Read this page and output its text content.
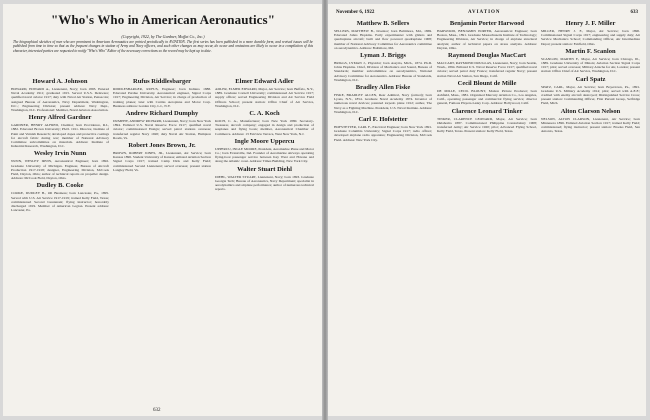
"Who's Who in American Aeronautics"
(Copyright, 1922, by The Gardner, Moffat Co., Inc.)
The biographical sketches of men who are prominent in American Aeronautics are printed periodically in AVIATION. The first series has been published in a more durable form, and revised issues will be published from time to time so that as the frequent changes in station of Army and Navy officers, and such other changes as may occur, do occur and omissions are likely to occur in a compilation of this character, interested parties are requested to notify "Who's Who" Editor of the necessary corrections so the record may be kept up to date.
Howard A. Johnson
HOWARD, EDWARD A., Lieutenant, Navy; born 1893. Entered Naval Academy 1911; graduated 1915. Served U.S.S. Delaware; qualified naval aviator 1917; duty with Naval Air Station, Pensacola; assigned Bureau of Aeronautics, Navy Department, Washington, D.C.; Engineering Division; present address: Navy Dept., Washington, D.C. Professional: Member, Naval Aviators Association.
Henry Alfred Gardner
GARDNER, HENRY ALFRED, Chemist; born Providence, R.I., 1882. Educated Brown University; Ph.D. 1911. Director, Institute of Paint and Varnish Research; developed dopes and protective coatings for aircraft fabric during war; member of National Advisory Committee subcommittee on materials. Address: Institute of Industrial Research, Washington, D.C.
Wesley Irvin Nunn
NUNN, WESLEY IRVIN, Aeronautical Engineer; born 1892. Graduate University of Michigan. Engineer, Bureau of Aircraft Production 1917-1918; designer, Engineering Division, McCook Field, Dayton, Ohio; author of technical reports on propeller design. Address: McCook Field, Dayton, Ohio.
Dudley B. Cooke
COOKE, DUDLEY B., Oil Business; born Lancaster, Pa., 1895. Served with U.S. Air Service 1917-1919; trained Kelly Field, Texas; commissioned Second Lieutenant; flying instructor; honorably discharged 1919. Member of American Legion. Present address: Lancaster, Pa.
Rufus Riddlesbarger
RIDDLESBARGER, RUFUS, Engineer; born Indiana 1888. Educated Purdue University. Aeronautical engineer, Signal Corps 1917; Engineering Division, Air Service; in charge of production of training planes; later with Curtiss Aeroplane and Motor Corp. Business address: Garden City, L.I., N.Y.
Andrew Richard Dumphy
DUMPHY, ANDREW RICHARD, Lieutenant, Navy; born New York 1894. Enlisted U.S. Naval Reserve Force 1917; qualified naval aviator; commissioned Ensign; served patrol stations overseas; transferred regular Navy 1920; duty Naval Air Station, Hampton Roads, Va.
Robert Jones Brown, Jr.
BROWN, ROBERT JONES, JR., Lieutenant, Air Service; born Kansas 1896. Student University of Kansas; enlisted Aviation Section Signal Corps 1917; trained Camp Dick and Kelly Field; commissioned Second Lieutenant; served overseas; present station Langley Field, Va.
Elmer Edward Adler
ADLER, ELMER EDWARD, Major, Air Service; born Buffalo, N.Y., 1889. Graduate Cornell University; commissioned Air Service 1917; supply officer; served Engineering Division and Air Service Field Officers School; present station: Office Chief of Air Service, Washington, D.C.
C. A. Koch
KOCH, C. A., Manufacturer; born New York 1880. Secretary-Treasurer, aircraft company; engaged in design and production of seaplanes and flying boats; member, Aeronautical Chamber of Commerce. Address: 13 Fairview Terrace, West New York, N.J.
Ingle Moore Uppercu
UPPERCU, INGLE MOORE, President, Aeromarine Plane and Motor Co.; born Evansville, Ind. Founder of Aeromarine Airways operating flying-boat passenger service between Key West and Havana and along the Atlantic coast. Address: Times Building, New York City.
Walter Stuart Diehl
DIEHL, WALTER STUART, Lieutenant, Navy; born 1893. Graduate Georgia Tech; Bureau of Aeronautics, Navy Department; specialist in aerodynamics and airplane performance; author of numerous technical reports.
632
November 6, 1922	AVIATION	633
Matthew B. Sellers
SELLERS, MATTHEW B., Inventor; born Baltimore, Md., 1869. Educated Johns Hopkins. Early experimenter with gliders and quadruplane aircraft; built and flew powered quadruplane 1908; member of National Advisory Committee for Aeronautics committee on aerodynamics. Address: Baltimore, Md.
Lyman J. Briggs
BRIGGS, LYMAN J., Physicist; born Assyria, Mich., 1874. Ph.D. Johns Hopkins. Chief, Division of Mechanics and Sound, Bureau of Standards; member subcommittee on aerodynamics, National Advisory Committee for Aeronautics. Address: Bureau of Standards, Washington, D.C.
Bradley Allen Fiske
FISKE, BRADLEY ALLEN, Rear Admiral, Navy (retired); born Lyons, N.Y., 1854. Graduate Naval Academy 1874. Inventor of numerous naval devices; patented torpedo plane 1912; author, The Navy as a Fighting Machine. President, U.S. Naval Institute. Address: Washington, D.C.
Carl F. Hofstetter
HOFSTETTER, CARL F., Electrical Engineer; born New York 1891. Graduate Columbia University; Signal Corps 1917; radio officer; developed airplane radio apparatus; Engineering Division, McCook Field. Address: New York City.
Benjamin Porter Harwood
HARWOOD, BENJAMIN PORTER, Aeronautical Engineer; born Boston, Mass., 1891. Graduate Massachusetts Institute of Technology; Engineering Division, Air Service; in charge of airplane structural analysis; author of technical papers on stress analysis. Address: Dayton, Ohio.
Raymond Douglas MacCart
MACCART, RAYMOND DOUGLAS, Lieutenant, Navy; born Seattle, Wash., 1894. Enlisted U.S. Naval Reserve Force 1917; qualified naval aviator; served patrol duty France; transferred regular Navy; present station Naval Air Station, San Diego, Calif.
Cecil Blount de Mille
DE MILLE, CECIL BLOUNT, Motion Picture Producer; born Ashfield, Mass., 1881. Organized Mercury Aviation Co., Los Angeles, Calif., operating passenger and commercial flying service; director general, Famous Players-Lasky Corp. Address: Hollywood, Calif.
Clarence Leonard Tinker
TINKER, CLARENCE LEONARD, Major, Air Service; born Oklahoma 1887. Commissioned Philippine Constabulary 1908; transferred Army; Air Service 1920; pilot; Advanced Flying School, Kelly Field, Texas. Present station: Kelly Field, Texas.
Henry J. F. Miller
MILLER, HENRY J. F., Major, Air Service; born 1890. Commissioned Signal Corps 1917; engineering and supply duty; Air Service Mechanics School; Commanding Officer, Air Intermediate Depot; present station: Fairfield, Ohio.
Martin F. Scanlon
SCANLON, MARTIN F., Major, Air Service; born Chicago, Ill., 1889. Graduate University of Illinois; Aviation Section Signal Corps 1917; pilot; served overseas; Military Attache for Air, London; present station: Office Chief of Air Service, Washington, D.C.
Carl Spatz
SPATZ, CARL, Major, Air Service; born Boyertown, Pa., 1891. Graduate U.S. Military Academy 1914; pilot; served with A.E.F.; credited with enemy aircraft destroyed; Distinguished Service Cross; present station: Commanding Officer, First Pursuit Group, Selfridge Field, Mich.
Alton Clarson Nelson
NELSON, ALTON CLARSON, Lieutenant, Air Service; born Minnesota 1896. Enlisted Aviation Section 1917; trained Kelly Field; commissioned; flying instructor; present station: Brooks Field, San Antonio, Texas.
